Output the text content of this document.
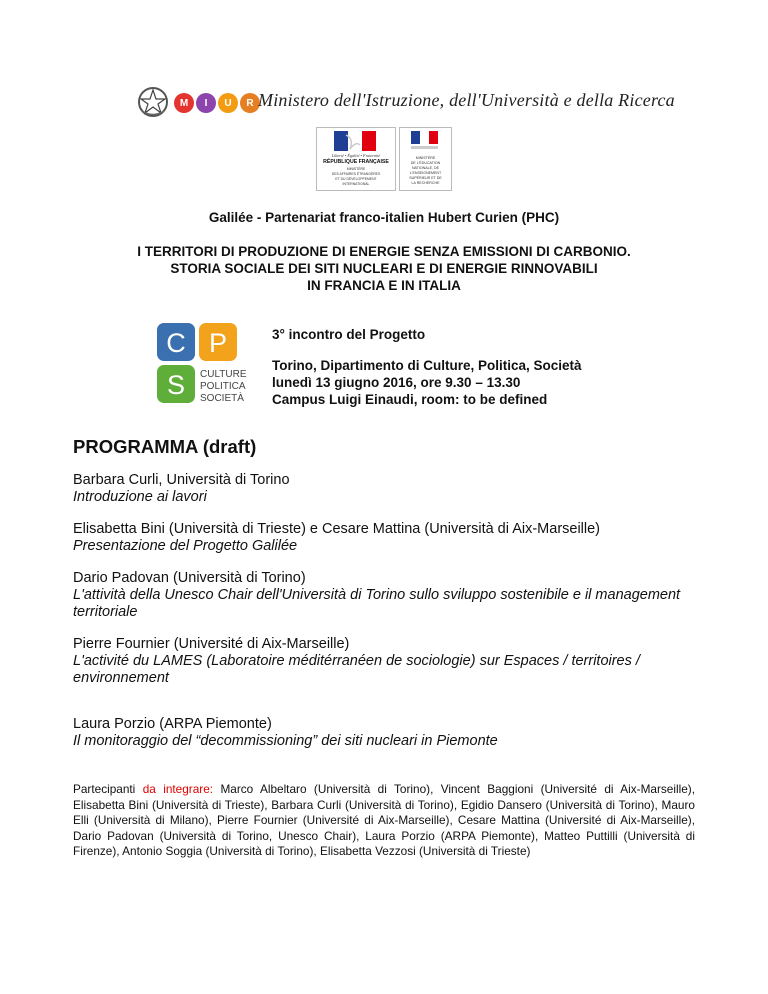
M	I	U	R Ministero dell'Istruzione, dell'Università e della Ricerca
Liberté • Égalité • Fraternité
RÉPUBLIQUE FRANÇAISE
MINISTÈRE
DES AFFAIRES ÉTRANGÈRES
ET DU DÉVELOPPEMENT
INTERNATIONAL
MINISTÈRE
DE L'ÉDUCATION
NATIONALE, DE
L'ENSEIGNEMENT
SUPÉRIEUR ET DE
LA RECHERCHE
Galilée - Partenariat franco-italien Hubert Curien (PHC)
I TERRITORI DI PRODUZIONE DI ENERGIE SENZA EMISSIONI DI CARBONIO.
STORIA SOCIALE DEI SITI NUCLEARI E DI ENERGIE RINNOVABILI
IN FRANCIA E IN ITALIA
C P
S CULTURE
POLITICA
SOCIETÀ
3° incontro del Progetto
Torino, Dipartimento di Culture, Politica, Società
lunedì 13 giugno 2016, ore 9.30 – 13.30
Campus Luigi Einaudi, room: to be defined
PROGRAMMA (draft)
Barbara Curli, Università di Torino
Introduzione ai lavori
Elisabetta Bini (Università di Trieste) e Cesare Mattina (Università di Aix-Marseille)
Presentazione del Progetto Galilée
Dario Padovan (Università di Torino)
L'attività della Unesco Chair dell'Università di Torino sullo sviluppo sostenibile e il management territoriale
Pierre Fournier (Université di Aix-Marseille)
L'activité du LAMES (Laboratoire méditérranéen de sociologie) sur Espaces / territoires / environnement
Laura Porzio (ARPA Piemonte)
Il monitoraggio del “decommissioning” dei siti nucleari in Piemonte
Partecipanti da integrare: Marco Albeltaro (Università di Torino), Vincent Baggioni (Université di Aix-Marseille), Elisabetta Bini (Università di Trieste), Barbara Curli (Università di Torino), Egidio Dansero (Università di Torino), Mauro Elli (Università di Milano), Pierre Fournier (Université di Aix-Marseille), Cesare Mattina (Université di Aix-Marseille), Dario Padovan (Università di Torino, Unesco Chair), Laura Porzio (ARPA Piemonte), Matteo Puttilli (Università di Firenze), Antonio Soggia (Università di Torino), Elisabetta Vezzosi (Università di Trieste)
